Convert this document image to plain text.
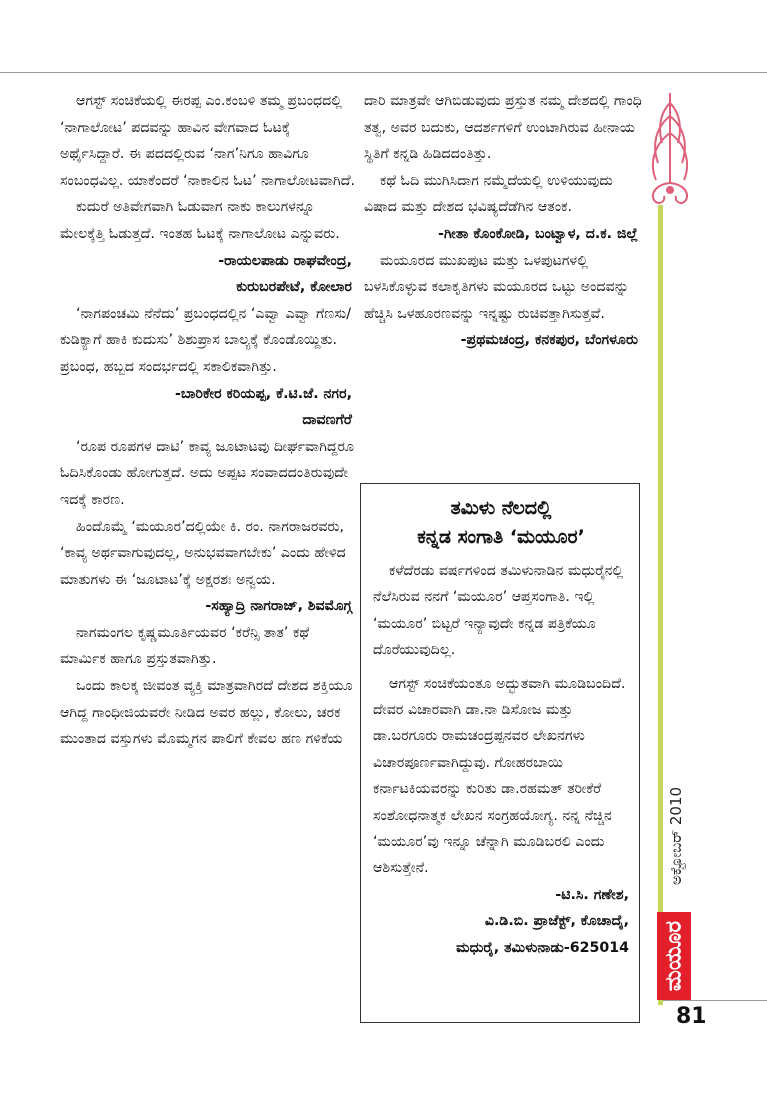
ಆಗಸ್ಟ್ ಸಂಚಿಕೆಯಲ್ಲಿ ಈರಪ್ಪ ಎಂ.ಕಂಬಳಿ ತಮ್ಮ ಪ್ರಬಂಧದಲ್ಲಿ ‘ನಾಗಾಲೋಟ’ ಪದವನ್ನು ಹಾವಿನ ವೇಗವಾದ ಓಟಕ್ಕೆ ಅರ್ಥೈಸಿದ್ದಾರೆ. ಈ ಪದದಲ್ಲಿರುವ ‘ನಾಗ’ನಿಗೂ ಹಾವಿಗೂ ಸಂಬಂಧವಿಲ್ಲ. ಯಾಕೆಂದರೆ ‘ನಾಕಾಲಿನ ಓಟ’ ನಾಗಾಲೋಟವಾಗಿದೆ.

ಕುದುರೆ ಅತಿವೇಗವಾಗಿ ಓಡುವಾಗ ನಾಕು ಕಾಲುಗಳನ್ನೂ ಮೇಲಕ್ಕೆತ್ತಿ ಓಡುತ್ತದೆ. ಇಂತಹ ಓಟಕ್ಕೆ ನಾಗಾಲೋಟ ಎನ್ನುವರು.

-ರಾಯಲಪಾಡು ರಾಘವೇಂದ್ರ,

ಕುರುಬರಪೇಟೆ, ಕೋಲಾರ

‘ನಾಗಪಂಚಮಿ ನೆನೆದು’ ಪ್ರಬಂಧದಲ್ಲಿನ ‘ಎವ್ವಾ ಎವ್ವಾ ಗೆಣಸು/ಕುಡಿಕ್ಯಾಗೆ ಹಾಕಿ ಕುದುಸು’ ಶಿಶುಪ್ರಾಸ ಬಾಲ್ಯಕ್ಕೆ ಕೊಂಡೊಯ್ದಿತು. ಪ್ರಬಂಧ, ಹಬ್ಬದ ಸಂದರ್ಭದಲ್ಲಿ ಸಕಾಲಿಕವಾಗಿತ್ತು.

-ಬಾರಿಕೇರ ಕರಿಯಪ್ಪ, ಕೆ.ಟಿ.ಜೆ. ನಗರ,

ದಾವಣಗೆರೆ

‘ರೂಪ ರೂಪಗಳ ದಾಟಿ’ ಕಾವ್ಯ ಜೂಟಾಟವು ದೀರ್ಘವಾಗಿದ್ದರೂ ಓದಿಸಿಕೊಂಡು ಹೋಗುತ್ತದೆ. ಅದು ಅಪ್ಪಟ ಸಂವಾದದಂತಿರುವುದೇ ಇದಕ್ಕೆ ಕಾರಣ.

ಹಿಂದೊಮ್ಮೆ ‘ಮಯೂರ’ದಲ್ಲಿಯೇ ಕಿ. ರಂ. ನಾಗರಾಜರವರು, ‘ಕಾವ್ಯ ಅರ್ಥವಾಗುವುದಲ್ಲ, ಅನುಭವವಾಗಬೇಕು’ ಎಂದು ಹೇಳಿದ ಮಾತುಗಳು ಈ ‘ಜೂಟಾಟ’ಕ್ಕೆ ಅಕ್ಷರಶಃ ಅನ್ವಯ.

-ಸಹ್ಯಾದ್ರಿ ನಾಗರಾಜ್, ಶಿವಮೊಗ್ಗ

ನಾಗಮಂಗಲ ಕೃಷ್ಣಮೂರ್ತಿಯವರ ‘ಕರೆನ್ಸಿ ತಾತ’ ಕಥೆ ಮಾರ್ಮಿಕ ಹಾಗೂ ಪ್ರಸ್ತುತವಾಗಿತ್ತು.

ಒಂದು ಕಾಲಕ್ಕ ಜೀವಂತ ವ್ಯಕ್ತಿ ಮಾತ್ರವಾಗಿರದೆ ದೇಶದ ಶಕ್ತಿಯೂ ಆಗಿದ್ದ ಗಾಂಧೀಜಿಯವರೇ ನೀಡಿದ ಅವರ ಹಲ್ಲು, ಕೋಲು, ಚರಕ ಮುಂತಾದ ವಸ್ತುಗಳು ಮೊಮ್ಮಗನ ಪಾಲಿಗೆ ಕೇವಲ ಹಣ ಗಳಿಕೆಯ

ದಾರಿ ಮಾತ್ರವೇ ಆಗಿಬಿಡುವುದು ಪ್ರಸ್ತುತ ನಮ್ಮ ದೇಶದಲ್ಲಿ ಗಾಂಧಿ ತತ್ವ, ಅವರ ಬದುಕು, ಆದರ್ಶಗಳಿಗೆ ಉಂಟಾಗಿರುವ ಹೀನಾಯ ಸ್ಥಿತಿಗೆ ಕನ್ನಡಿ ಹಿಡಿದದಂತಿತ್ತು.

ಕಥೆ ಓದಿ ಮುಗಿಸಿದಾಗ ನಮ್ಮೆದೆಯಲ್ಲಿ ಉಳಿಯುವುದು ವಿಷಾದ ಮತ್ತು ದೇಶದ ಭವಿಷ್ಯದೆಡೆಗಿನ ಆತಂಕ.

-ಗೀತಾ ಕೊಂಕೋಡಿ, ಬಂಟ್ವಾಳ, ದ.ಕ. ಜಿಲ್ಲೆ

ಮಯೂರದ ಮುಖಪುಟ ಮತ್ತು ಒಳಪುಟಗಳಲ್ಲಿ ಬಳಸಿಕೊಳ್ಳುವ ಕಲಾಕೃತಿಗಳು ಮಯೂರದ ಒಟ್ಟು ಅಂದವನ್ನು ಹೆಚ್ಚಿಸಿ ಒಳಹೂರಣವನ್ನು ಇನ್ನಷ್ಟು ರುಚಿವತ್ತಾಗಿಸುತ್ತವೆ.

-ಪ್ರಥಮಚಂದ್ರ, ಕನಕಪುರ, ಬೆಂಗಳೂರು

ತಮಿಳು ನೆಲದಲ್ಲಿ

ಕನ್ನಡ ಸಂಗಾತಿ ‘ಮಯೂರ’

ಕಳೆದೆರಡು ವರ್ಷಗಳಿಂದ ತಮಿಳುನಾಡಿನ ಮಧುರೈನಲ್ಲಿ ನೆಲೆಸಿರುವ ನನಗೆ ‘ಮಯೂರ’ ಆಪ್ತಸಂಗಾತಿ. ಇಲ್ಲಿ ‘ಮಯೂರ’ ಬಿಟ್ಟರೆ ಇನ್ಯಾವುದೇ ಕನ್ನಡ ಪತ್ರಿಕೆಯೂ ದೊರೆಯುವುದಿಲ್ಲ.

ಆಗಸ್ಟ್ ಸಂಚಿಕೆಯಂತೂ ಅದ್ಭುತವಾಗಿ ಮೂಡಿಬಂದಿದೆ. ದೇವರ ವಿಚಾರವಾಗಿ ಡಾ.ನಾ ಡಿಸೋಜ ಮತ್ತು ಡಾ.ಬರಗೂರು ರಾಮಚಂದ್ರಪ್ಪನವರ ಲೇಖನಗಳು ವಿಚಾರಪೂರ್ಣವಾಗಿದ್ದುವು. ಗೋಹರಬಾಯಿ ಕರ್ನಾಟಕಿಯವರನ್ನು ಕುರಿತು ಡಾ.ರಹಮತ್ ತರೀಕೆರೆ ಸಂಶೋಧನಾತ್ಮಕ ಲೇಖನ ಸಂಗ್ರಹಯೋಗ್ಯ. ನನ್ನ ನೆಚ್ಚಿನ ‘ಮಯೂರ’ವು ಇನ್ನೂ ಚೆನ್ನಾಗಿ ಮೂಡಿಬರಲಿ ಎಂದು ಆಶಿಸುತ್ತೇನೆ.

-ಟಿ.ಸಿ. ಗಣೇಶ,

ವಿ.ಡಿ.ಬಿ. ಪ್ರಾಜೆಕ್ಟ್, ಕೊಚಾದೈ,

ಮಧುರೈ, ತಮಿಳುನಾಡು-625014

ಅಕ್ಟೋಬರ್ 2010
ಮಯೂರ
81
